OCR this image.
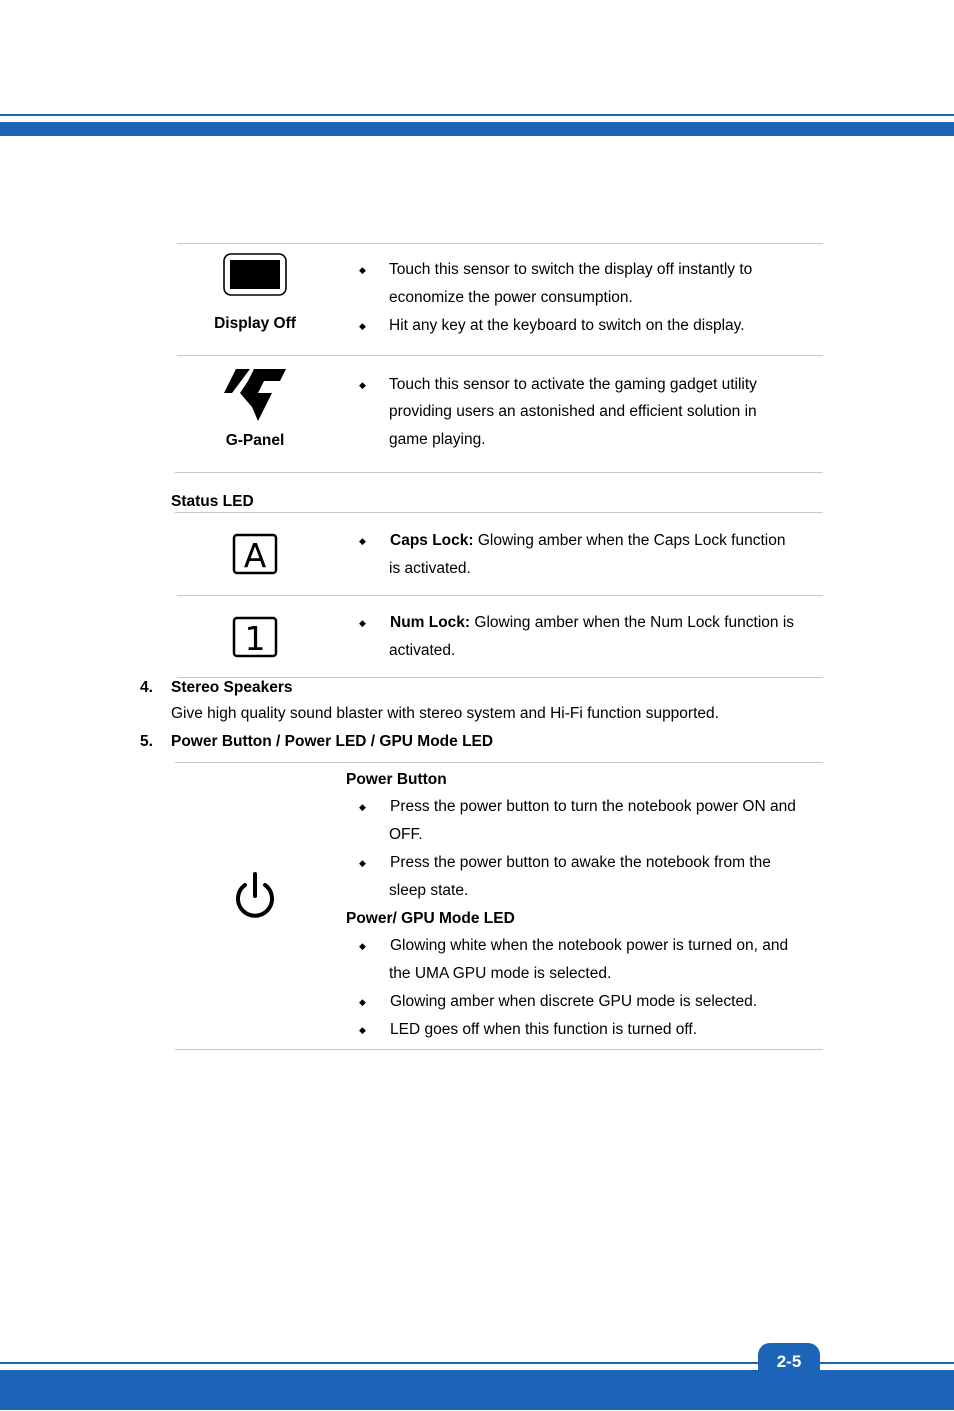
2-5
Display Off
◆ Touch this sensor to switch the display off instantly to
economize the power consumption.
◆ Hit any key at the keyboard to switch on the display.
G-Panel
◆ Touch this sensor to activate the gaming gadget utility
providing users an astonished and efficient solution in
game playing.
Status LED
A	◆ Caps Lock: Glowing amber when the Caps Lock function
is activated.
1	◆ Num Lock: Glowing amber when the Num Lock function is
activated.
4. Stereo Speakers
Give high quality sound blaster with stereo system and Hi-Fi function supported.
5. Power Button / Power LED / GPU Mode LED
Power Button
◆ Press the power button to turn the notebook power ON and
OFF.
◆ Press the power button to awake the notebook from the
sleep state.
Power/ GPU Mode LED
◆ Glowing white when the notebook power is turned on, and
the UMA GPU mode is selected.
◆ Glowing amber when discrete GPU mode is selected.
◆ LED goes off when this function is turned off.
